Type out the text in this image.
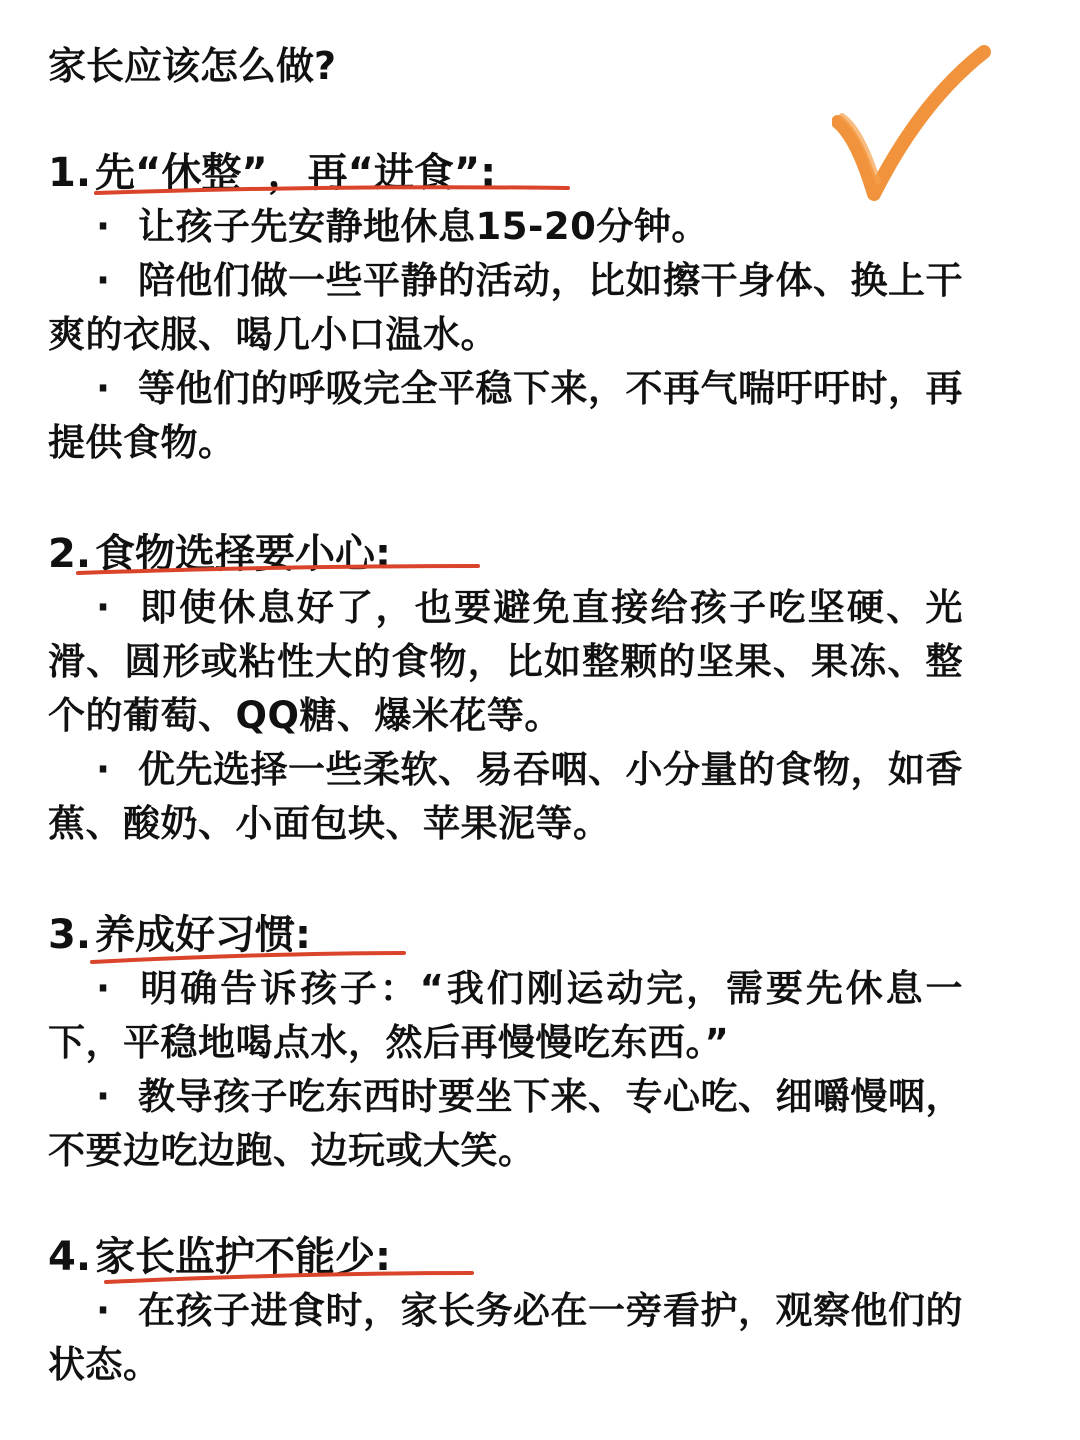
家长应该怎么做?
1. 先“休整”，再“进食”:

· 让孩子先安静地休息15-20分钟。

· 陪他们做一些平静的活动，比如擦干身体、换上干爽的衣服、喝几小口温水。

· 等他们的呼吸完全平稳下来，不再气喘吁吁时，再提供食物。

2. 食物选择要小心:

· 即使休息好了，也要避免直接给孩子吃坚硬、光滑、圆形或粘性大的食物，比如整颗的坚果、果冻、整个的葡萄、QQ糖、爆米花等。

· 优先选择一些柔软、易吞咽、小分量的食物，如香蕉、酸奶、小面包块、苹果泥等。

3. 养成好习惯:

· 明确告诉孩子：“我们刚运动完，需要先休息一下，平稳地喝点水，然后再慢慢吃东西。”

· 教导孩子吃东西时要坐下来、专心吃、细嚼慢咽，不要边吃边跑、边玩或大笑。

4. 家长监护不能少:

· 在孩子进食时，家长务必在一旁看护，观察他们的状态。
